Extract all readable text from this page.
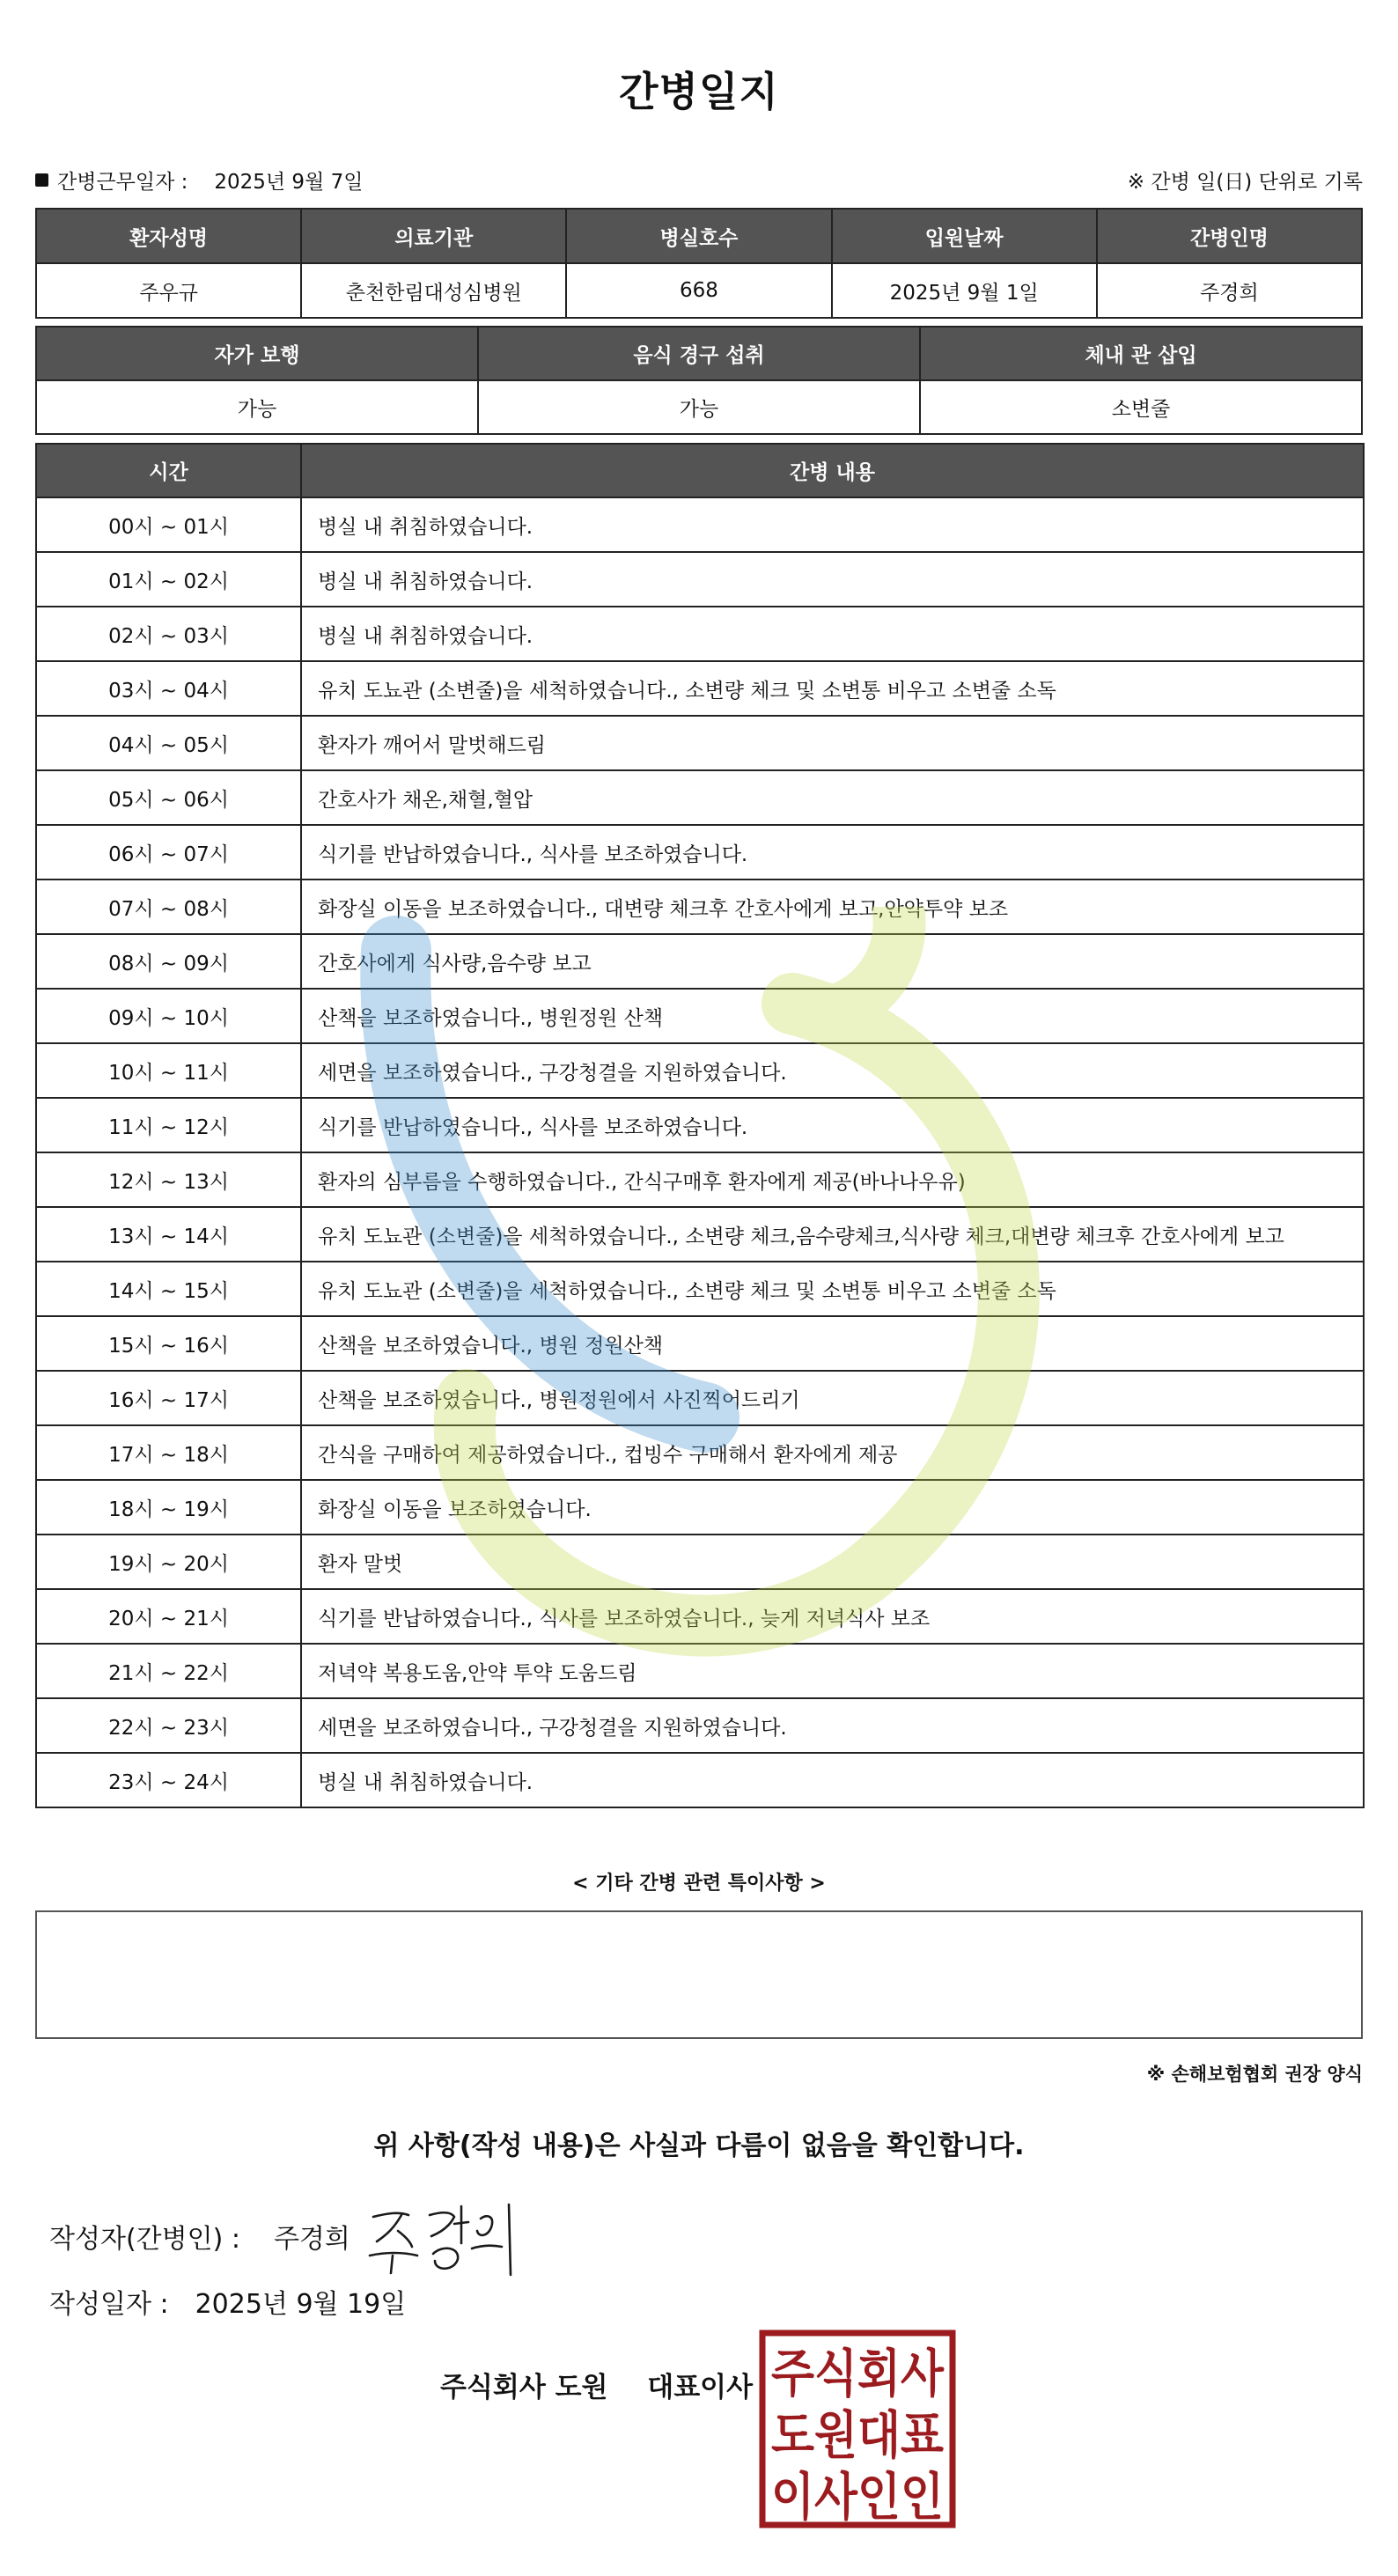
간병일지
간병근무일자 : 2025년 9월 7일	※ 간병 일(日) 단위로 기록
환자성명	의료기관	병실호수	입원날짜	간병인명
주우규	춘천한림대성심병원	668	2025년 9월 1일	주경희
자가 보행	음식 경구 섭취	체내 관 삽입
가능	가능	소변줄
시간	간병 내용
00시 ~ 01시	병실 내 취침하였습니다.
01시 ~ 02시	병실 내 취침하였습니다.
02시 ~ 03시	병실 내 취침하였습니다.
03시 ~ 04시	유치 도뇨관 (소변줄)을 세척하였습니다., 소변량 체크 및 소변통 비우고 소변줄 소독
04시 ~ 05시	환자가 깨어서 말벗해드림
05시 ~ 06시	간호사가 채온,채혈,혈압
06시 ~ 07시	식기를 반납하였습니다., 식사를 보조하였습니다.
07시 ~ 08시	화장실 이동을 보조하였습니다., 대변량 체크후 간호사에게 보고,안약투약 보조
08시 ~ 09시	간호사에게 식사량,음수량 보고
09시 ~ 10시	산책을 보조하였습니다., 병원정원 산책
10시 ~ 11시	세면을 보조하였습니다., 구강청결을 지원하였습니다.
11시 ~ 12시	식기를 반납하였습니다., 식사를 보조하였습니다.
12시 ~ 13시	환자의 심부름을 수행하였습니다., 간식구매후 환자에게 제공(바나나우유)
13시 ~ 14시	유치 도뇨관 (소변줄)을 세척하였습니다., 소변량 체크,음수량체크,식사량 체크,대변량 체크후 간호사에게 보고
14시 ~ 15시	유치 도뇨관 (소변줄)을 세척하였습니다., 소변량 체크 및 소변통 비우고 소변줄 소독
15시 ~ 16시	산책을 보조하였습니다., 병원 정원산책
16시 ~ 17시	산책을 보조하였습니다., 병원정원에서 사진찍어드리기
17시 ~ 18시	간식을 구매하여 제공하였습니다., 컵빙수 구매해서 환자에게 제공
18시 ~ 19시	화장실 이동을 보조하였습니다.
19시 ~ 20시	환자 말벗
20시 ~ 21시	식기를 반납하였습니다., 식사를 보조하였습니다., 늦게 저녁식사 보조
21시 ~ 22시	저녁약 복용도움,안약 투약 도움드림
22시 ~ 23시	세면을 보조하였습니다., 구강청결을 지원하였습니다.
23시 ~ 24시	병실 내 취침하였습니다.
< 기타 간병 관련 특이사항 >
※ 손해보험협회 권장 양식
위 사항(작성 내용)은 사실과 다름이 없음을 확인합니다.
작성자(간병인) : 주경희
작성일자 : 2025년 9월 19일
주식회사 도원 대표이사 주식회사
도원대표
이사인인
